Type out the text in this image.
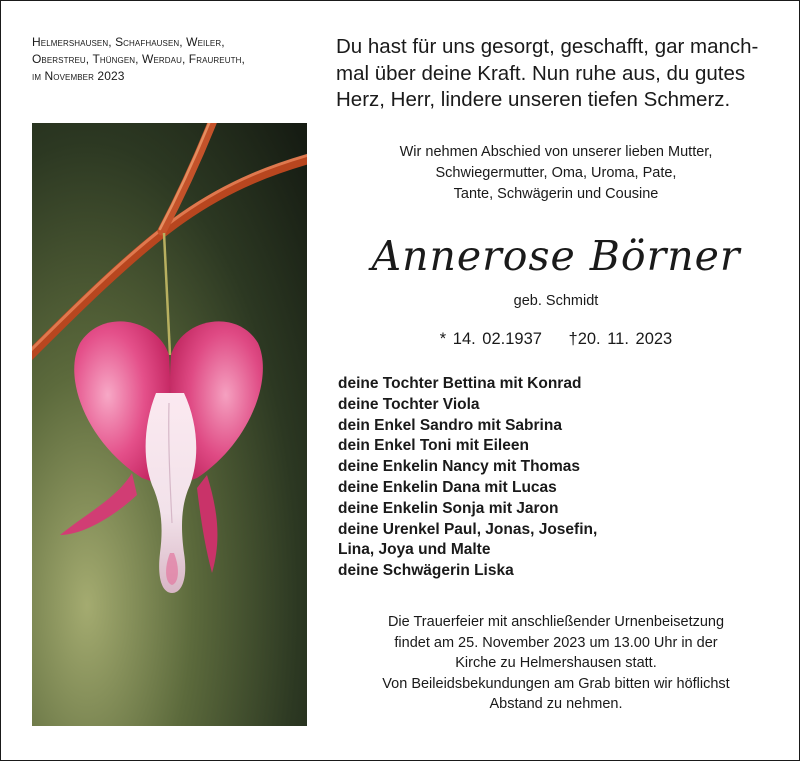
Helmershausen, Schafhausen, Weiler,
Oberstreu, Thüngen, Werdau, Fraureuth,
im November 2023
Du hast für uns gesorgt, geschafft, gar manch-
mal über deine Kraft. Nun ruhe aus, du gutes
Herz, Herr, lindere unseren tiefen Schmerz.
Wir nehmen Abschied von unserer lieben Mutter,
Schwiegermutter, Oma, Uroma, Pate,
Tante, Schwägerin und Cousine
Annerose Börner
geb. Schmidt
* 14. 02.1937 †20. 11. 2023
deine Tochter Bettina mit Konrad
deine Tochter Viola
dein Enkel Sandro mit Sabrina
dein Enkel Toni mit Eileen
deine Enkelin Nancy mit Thomas
deine Enkelin Dana mit Lucas
deine Enkelin Sonja mit Jaron
deine Urenkel Paul, Jonas, Josefin,
Lina, Joya und Malte
deine Schwägerin Liska
Die Trauerfeier mit anschließender Urnenbeisetzung
findet am 25. November 2023 um 13.00 Uhr in der
Kirche zu Helmershausen statt.
Von Beileidsbekundungen am Grab bitten wir höflichst
Abstand zu nehmen.
